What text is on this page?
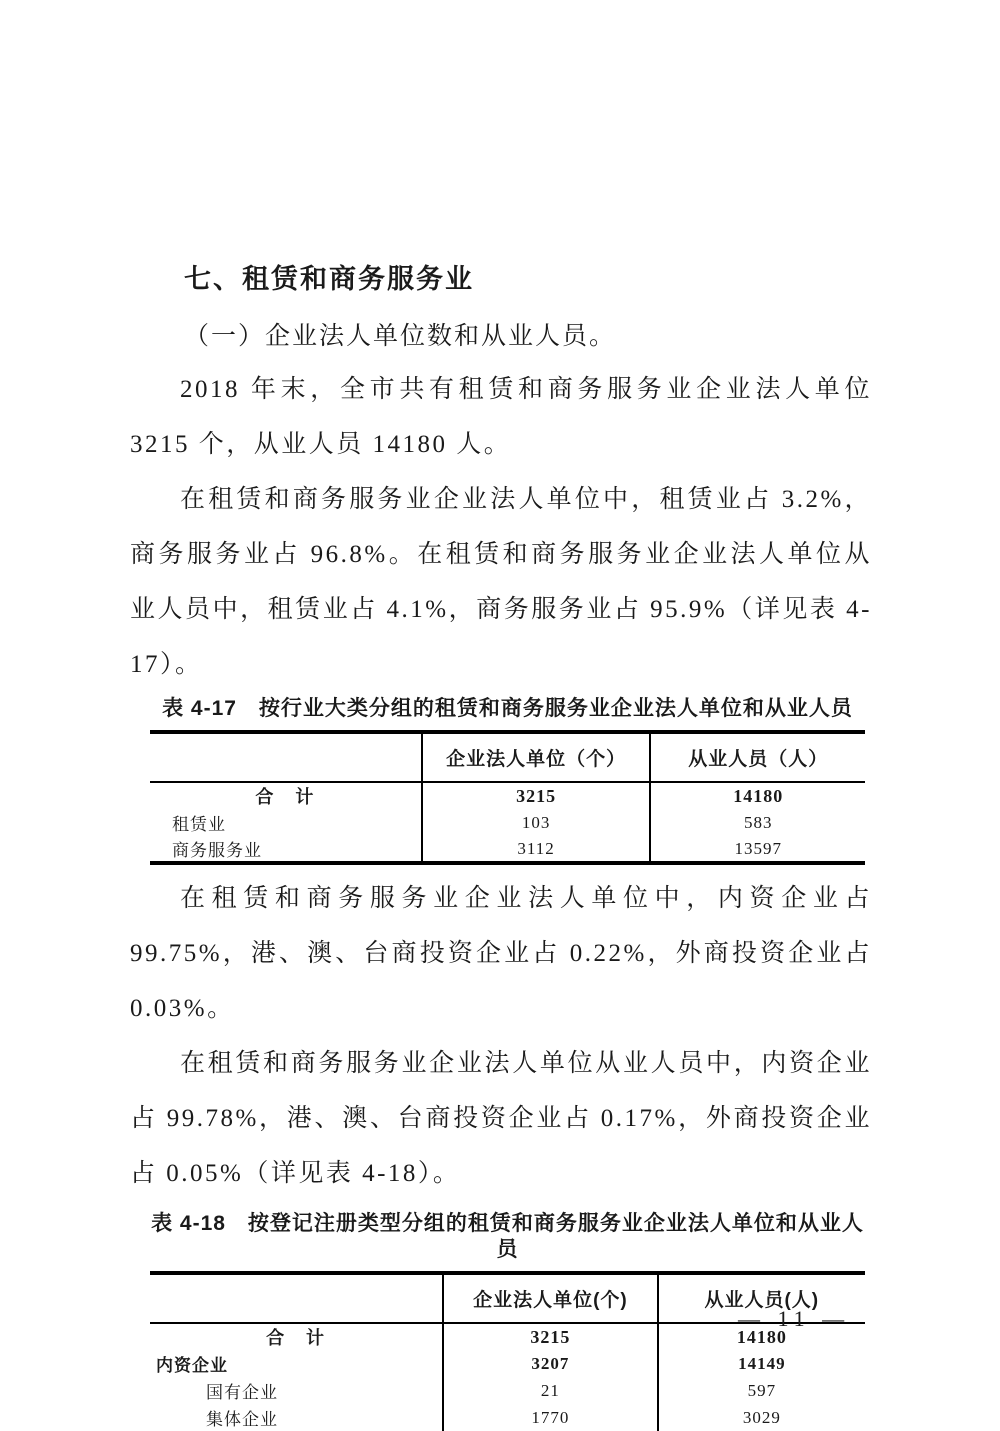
七、租赁和商务服务业
（一）企业法人单位数和从业人员。

2018 年末，全市共有租赁和商务服务业企业法人单位 3215 个，从业人员 14180 人。

在租赁和商务服务业企业法人单位中，租赁业占 3.2%，商务服务业占 96.8%。在租赁和商务服务业企业法人单位从业人员中，租赁业占 4.1%，商务服务业占 95.9%（详见表 4-17）。

表 4-17　按行业大类分组的租赁和商务服务业企业法人单位和从业人员
	企业法人单位（个）	从业人员（人）
合　计	3215	14180
租赁业	103	583
商务服务业	3112	13597

在租赁和商务服务业企业法人单位中，内资企业占 99.75%，港、澳、台商投资企业占 0.22%，外商投资企业占 0.03%。

在租赁和商务服务业企业法人单位从业人员中，内资企业占 99.78%，港、澳、台商投资企业占 0.17%，外商投资企业占 0.05%（详见表 4-18）。

表 4-18　按登记注册类型分组的租赁和商务服务业企业法人单位和从业人员
	企业法人单位(个)	从业人员(人)
合　计	3215	14180
内资企业	3207	14149
国有企业	21	597
集体企业	1770	3029
— 11 —
